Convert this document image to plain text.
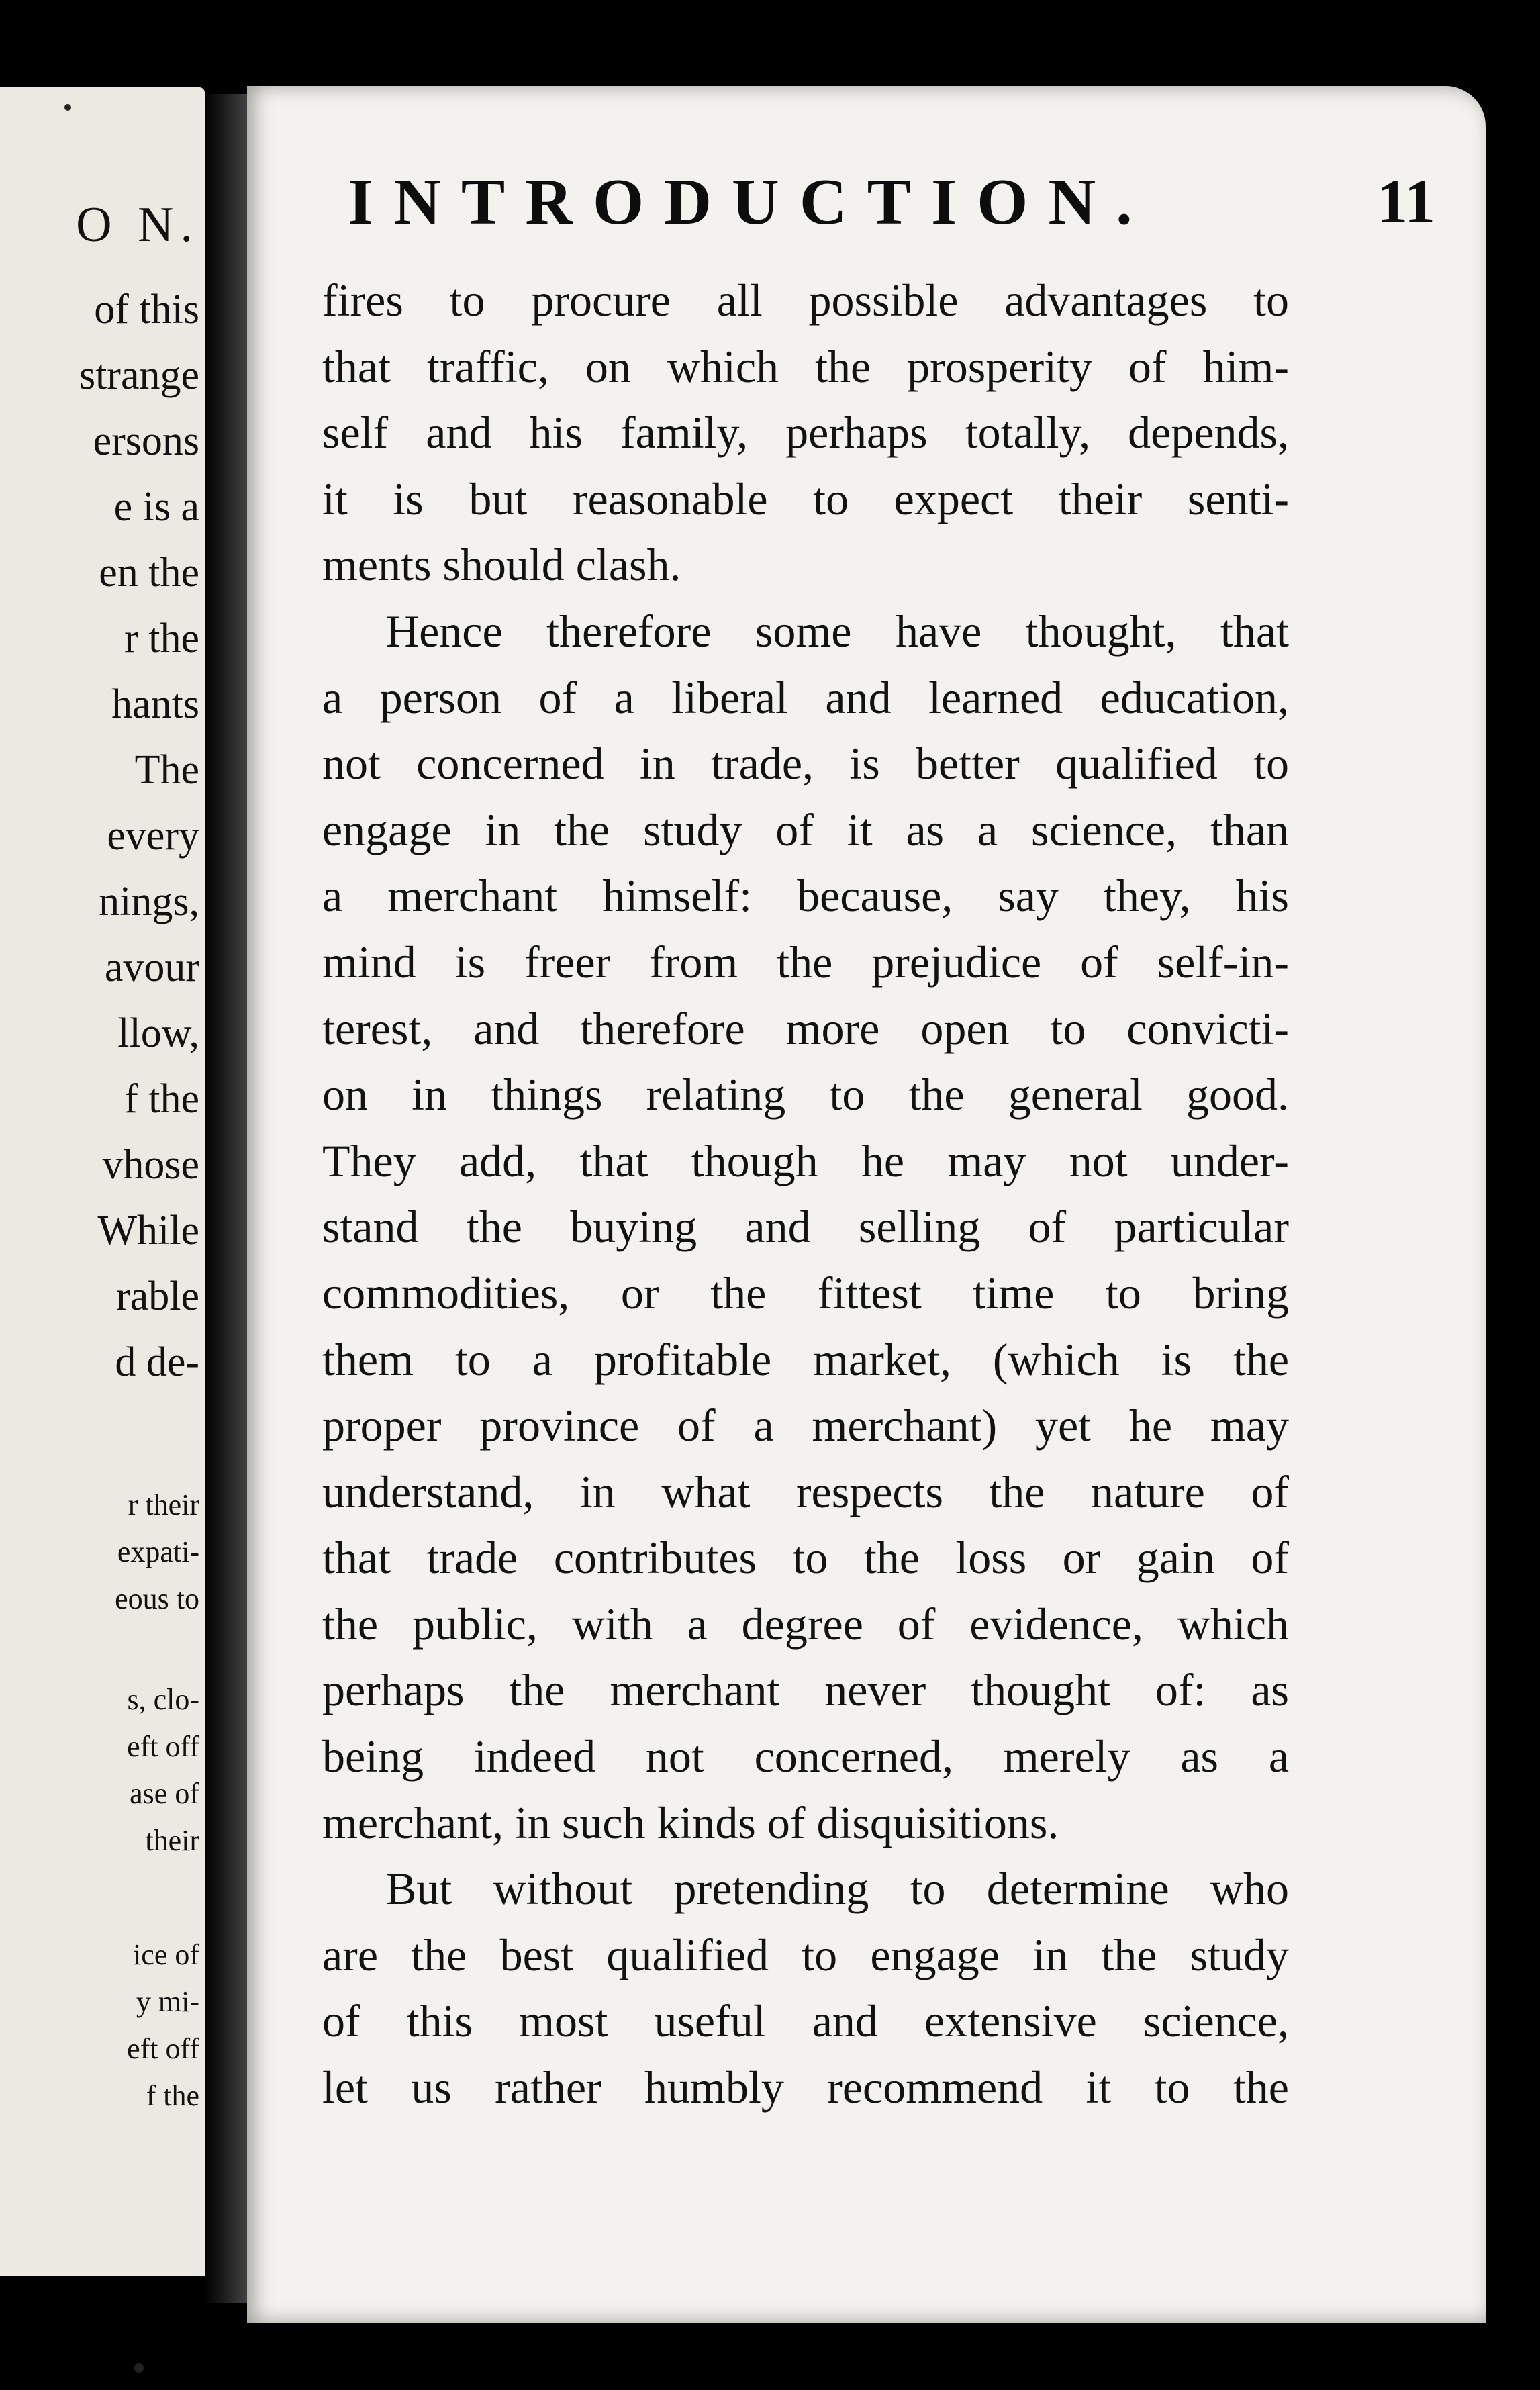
O N.
of this
strange
ersons
e is a
en the
r the
hants
The
every
nings,
avour
llow,
f the
vhose
While
rable
d de-
r their
expati-
eous to
s, clo-
eft off
ase of
their
ice of
y mi-
eft off
f the
INTRODUCTION.	11
fires to procure all possible advantages to
that traffic, on which the prosperity of him-
self and his family, perhaps totally, depends,
it is but reasonable to expect their senti-
ments should clash.
Hence therefore some have thought, that
a person of a liberal and learned education,
not concerned in trade, is better qualified to
engage in the study of it as a science, than
a merchant himself: because, say they, his
mind is freer from the prejudice of self-in-
terest, and therefore more open to convicti-
on in things relating to the general good.
They add, that though he may not under-
stand the buying and selling of particular
commodities, or the fittest time to bring
them to a profitable market, (which is the
proper province of a merchant) yet he may
understand, in what respects the nature of
that trade contributes to the loss or gain of
the public, with a degree of evidence, which
perhaps the merchant never thought of: as
being indeed not concerned, merely as a
merchant, in such kinds of disquisitions.
But without pretending to determine who
are the best qualified to engage in the study
of this most useful and extensive science,
let us rather humbly recommend it to the
